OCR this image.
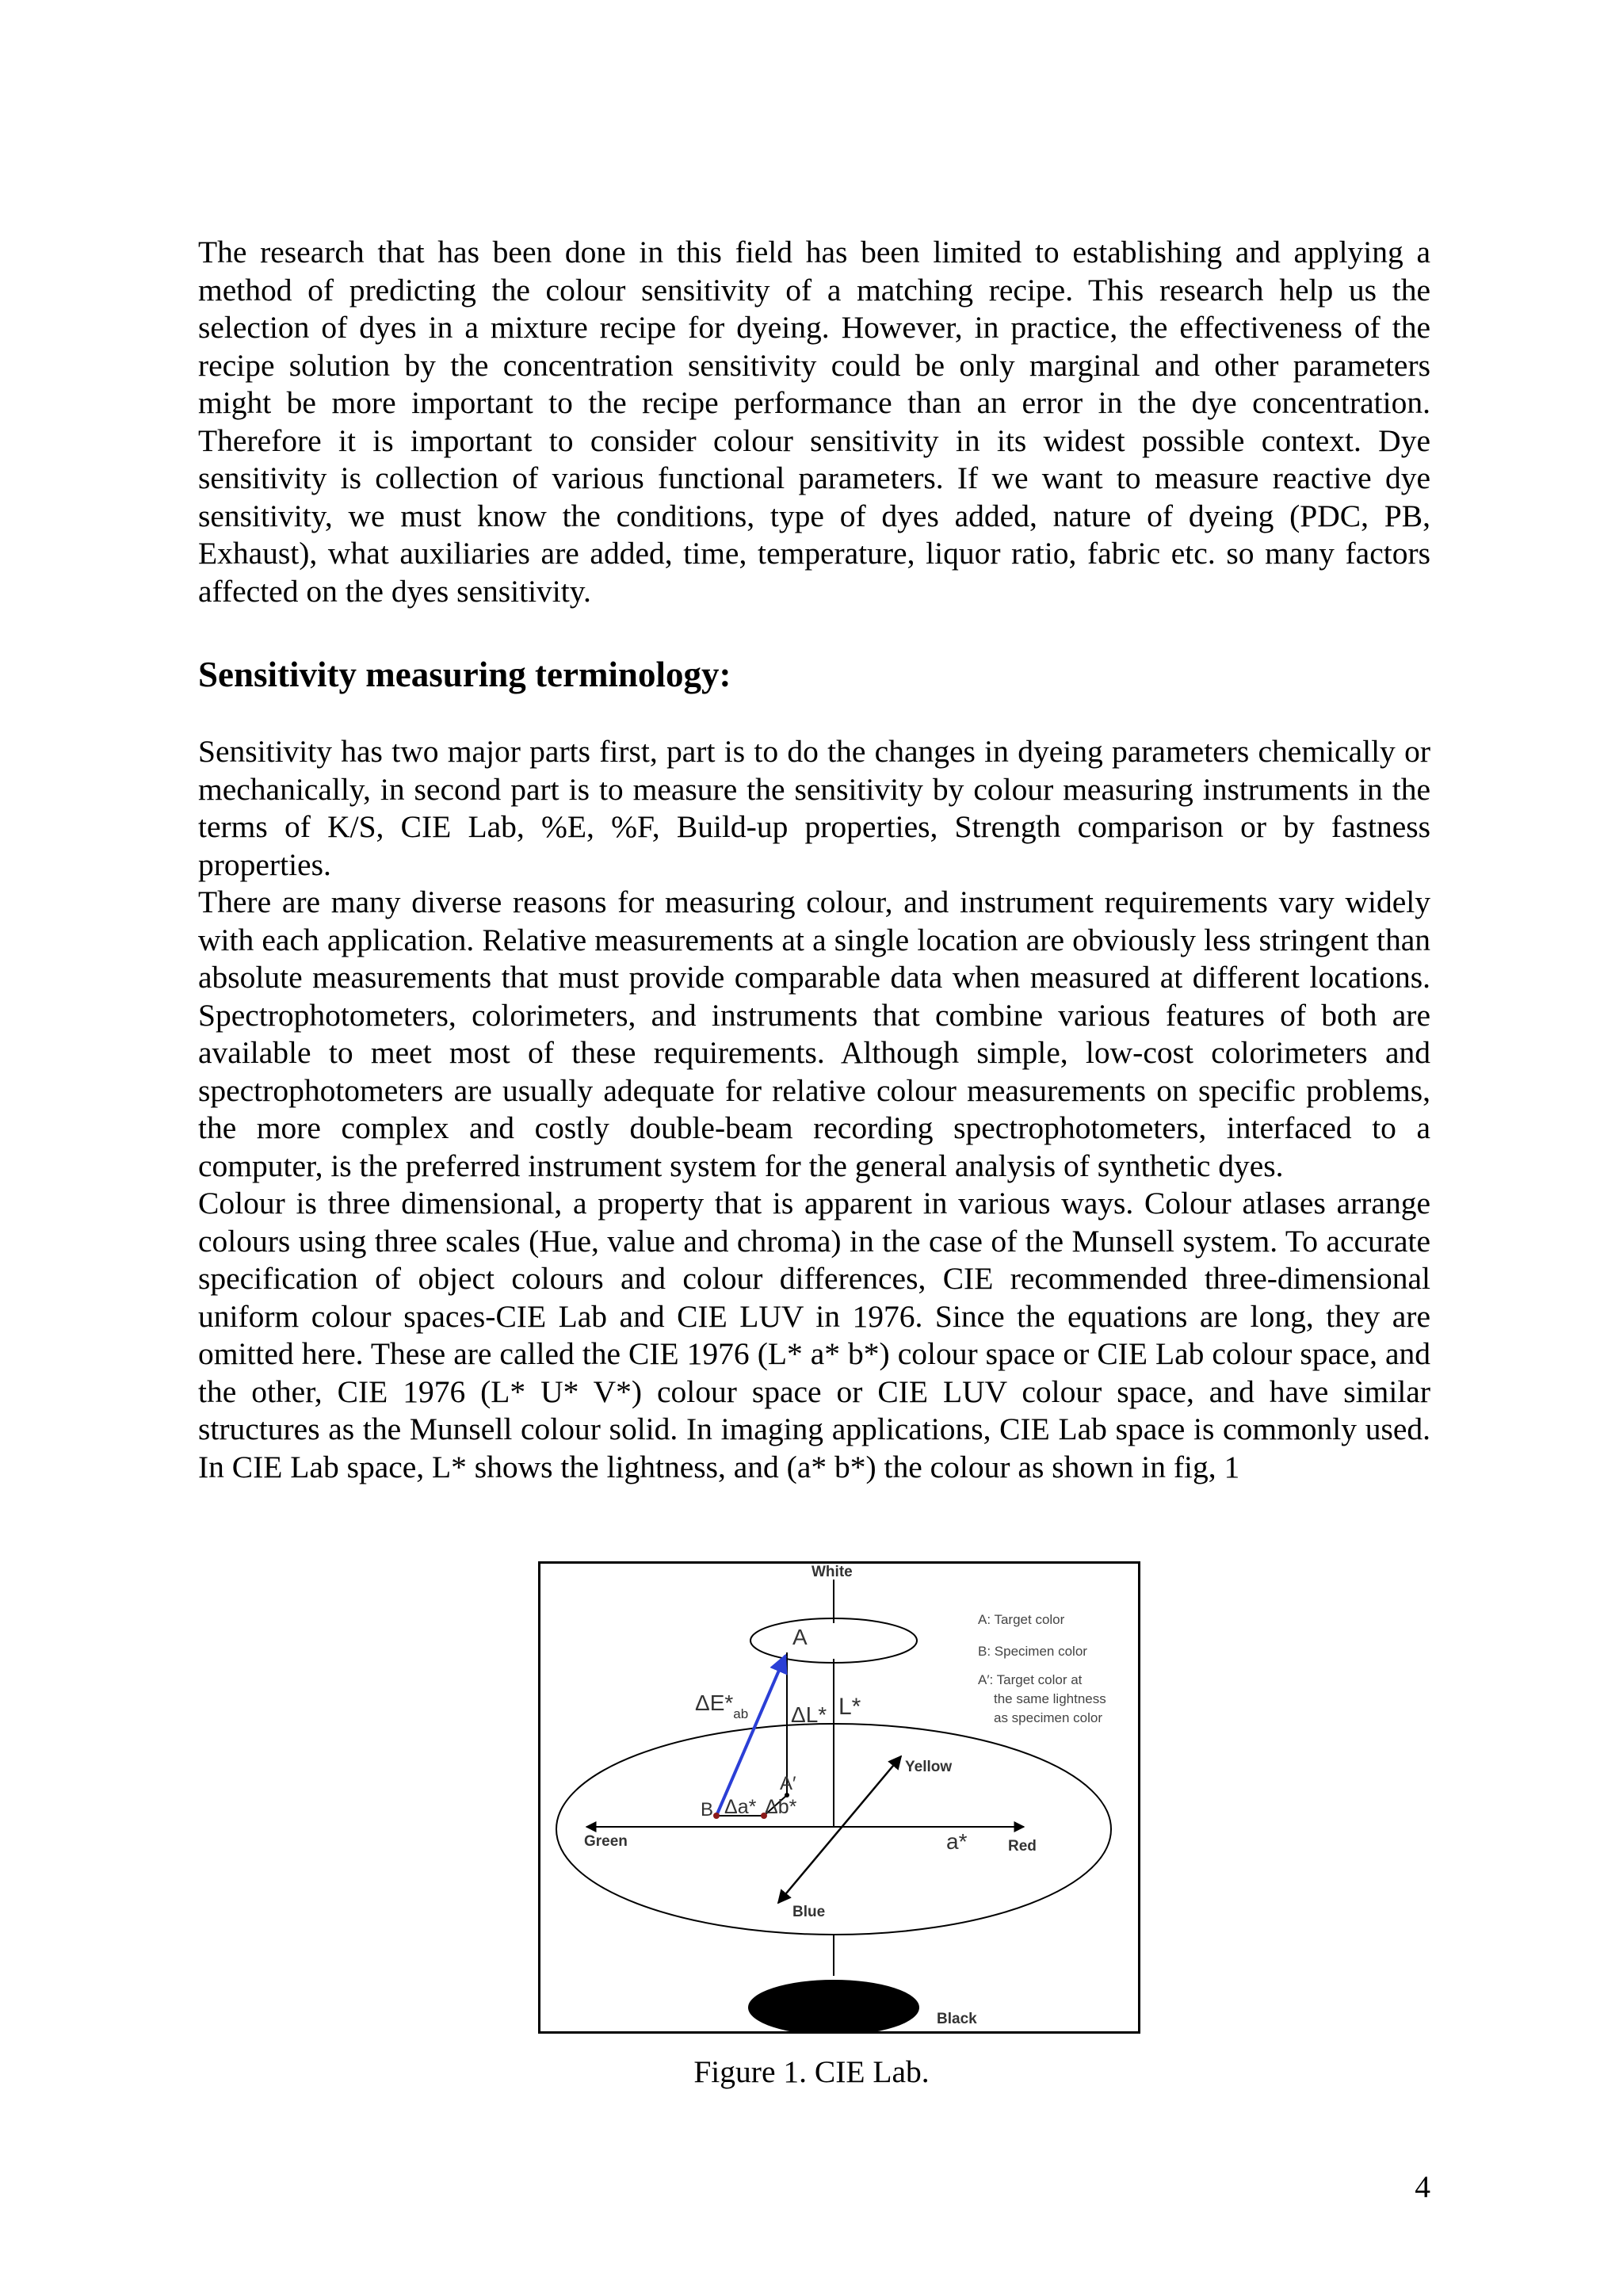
The research that has been done in this field has been limited to establishing and applying a method of predicting the colour sensitivity of a matching recipe. This research help us the selection of dyes in a mixture recipe for dyeing. However, in practice, the effectiveness of the recipe solution by the concentration sensitivity could be only marginal and other parameters might be more important to the recipe performance than an error in the dye concentration. Therefore it is important to consider colour sensitivity in its widest possible context. Dye sensitivity is collection of various functional parameters. If we want to measure reactive dye sensitivity, we must know the conditions, type of dyes added, nature of dyeing (PDC, PB, Exhaust), what auxiliaries are added, time, temperature, liquor ratio, fabric etc. so many factors affected on the dyes sensitivity.

Sensitivity measuring terminology:

Sensitivity has two major parts first, part is to do the changes in dyeing parameters chemically or mechanically, in second part is to measure the sensitivity by colour measuring instruments in the terms of K/S, CIE Lab, %E, %F, Build-up properties, Strength comparison or by fastness properties.

There are many diverse reasons for measuring colour, and instrument requirements vary widely with each application. Relative measurements at a single location are obviously less stringent than absolute measurements that must provide comparable data when measured at different locations. Spectrophotometers, colorimeters, and instruments that combine various features of both are available to meet most of these requirements. Although simple, low-cost colorimeters and spectrophotometers are usually adequate for relative colour measurements on specific problems, the more complex and costly double-beam recording spectrophotometers, interfaced to a computer, is the preferred instrument system for the general analysis of synthetic dyes.

Colour is three dimensional, a property that is apparent in various ways. Colour atlases arrange colours using three scales (Hue, value and chroma) in the case of the Munsell system. To accurate specification of object colours and colour differences, CIE recommended three-dimensional uniform colour spaces-CIE Lab and CIE LUV in 1976. Since the equations are long, they are omitted here. These are called the CIE 1976 (L* a* b*) colour space or CIE Lab colour space, and the other, CIE 1976 (L* U* V*) colour space or CIE LUV colour space, and have similar structures as the Munsell colour solid. In imaging applications, CIE Lab space is commonly used. In CIE Lab space, L* shows the lightness, and (a* b*) the colour as shown in fig, 1

White
A
$\Delta E*_{ab}$ ΔL* L*
Yellow
A′
B Δa* Δb*
Green	a*	Red
Blue
Black
A: Target color
B: Specimen color
A′: Target color at
the same lightness
as specimen color
Figure 1. CIE Lab.
4
